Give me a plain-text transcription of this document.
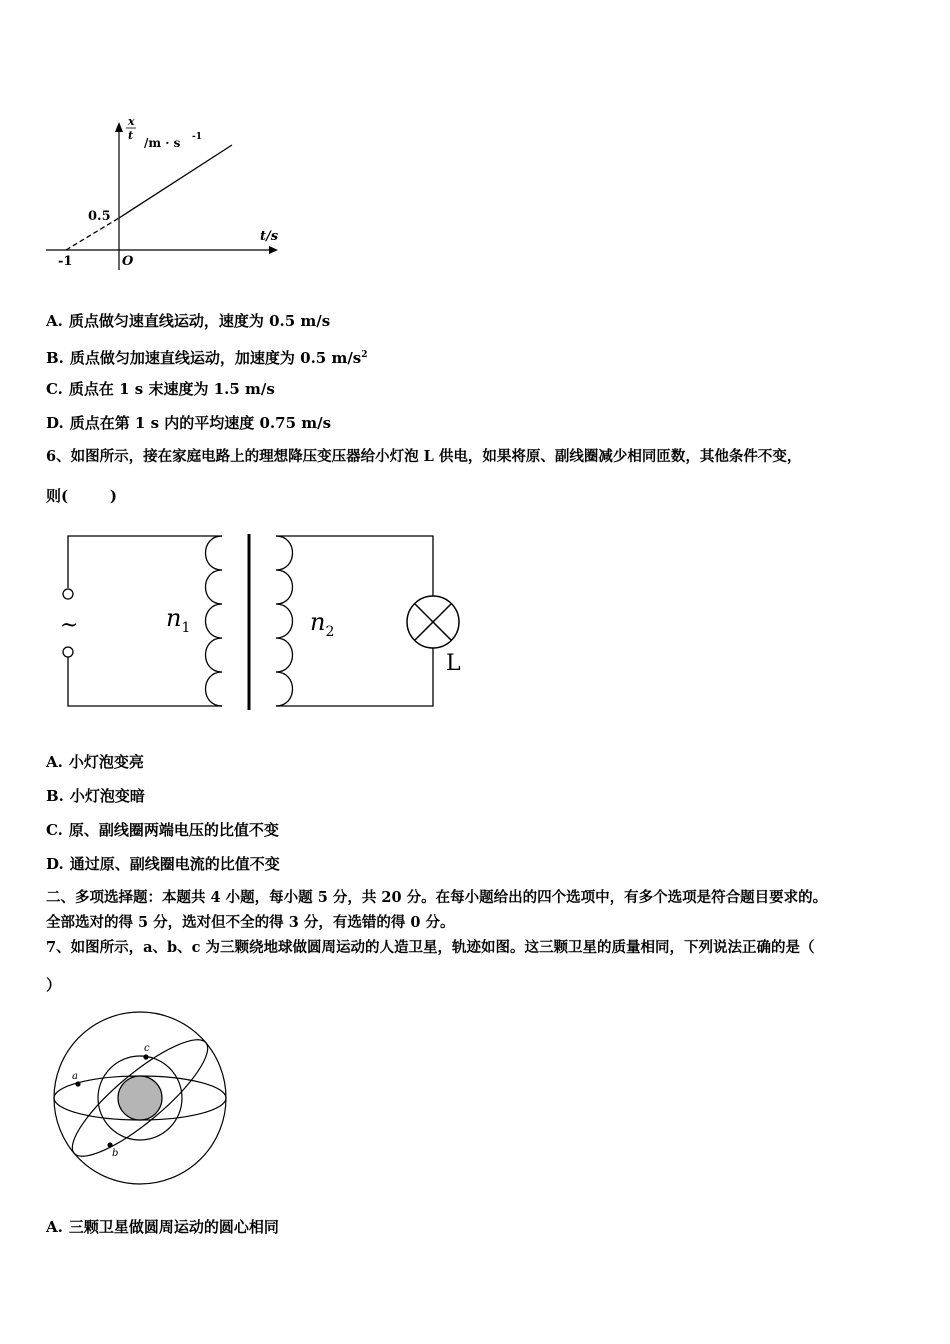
x
t
/m · s -1
0.5
t/s
-1	O
A. 质点做匀速直线运动，速度为 0.5 m/s
B. 质点做匀加速直线运动，加速度为 0.5 $m/s^2$
C. 质点在 1 s 末速度为 1.5 m/s
D. 质点在第 1 s 内的平均速度 0.75 m/s
6、如图所示，接在家庭电路上的理想降压变压器给小灯泡 L 供电，如果将原、副线圈减少相同匝数，其他条件不变，
则(        )
~	$n_1$	$n_2$
L
A. 小灯泡变亮
B. 小灯泡变暗
C. 原、副线圈两端电压的比值不变
D. 通过原、副线圈电流的比值不变
二、多项选择题：本题共 4 小题，每小题 5 分，共 20 分。在每小题给出的四个选项中，有多个选项是符合题目要求的。
全部选对的得 5 分，选对但不全的得 3 分，有选错的得 0 分。
7、如图所示，a、b、c 为三颗绕地球做圆周运动的人造卫星，轨迹如图。这三颗卫星的质量相同，下列说法正确的是（
）
a
c
b
A. 三颗卫星做圆周运动的圆心相同
